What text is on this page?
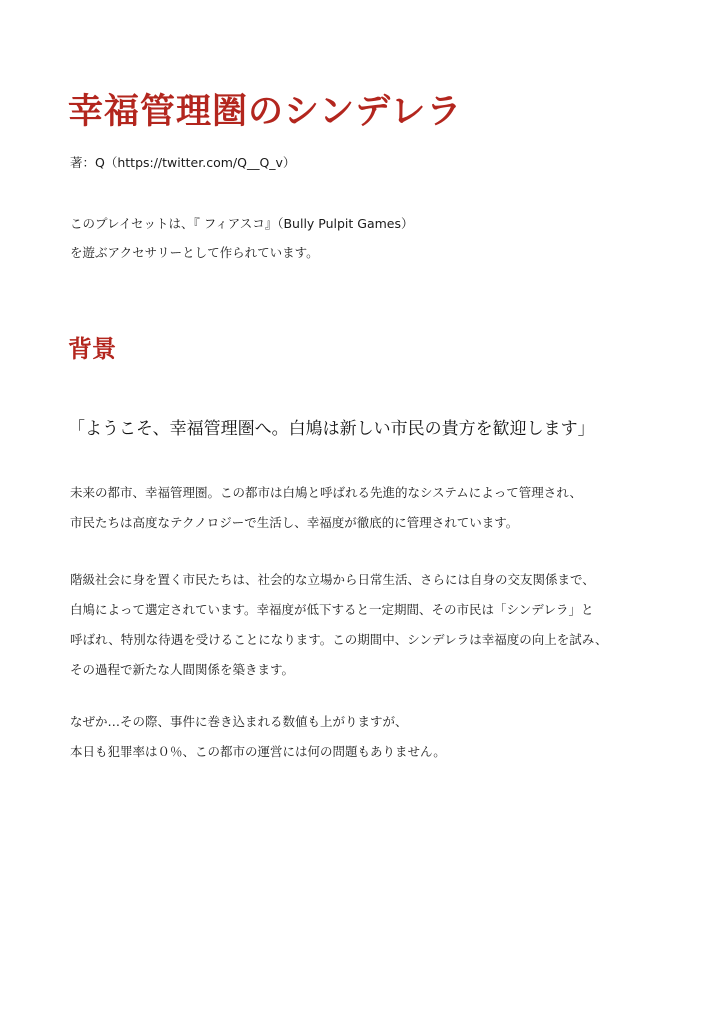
幸福管理圏のシンデレラ
著：Q（https://twitter.com/Q__Q_v）
このプレイセットは、『 フィアスコ』（Bully Pulpit Games）
を遊ぶアクセサリーとして作られています。
背景
「ようこそ、幸福管理圏へ。白鳩は新しい市民の貴方を歓迎します」
未来の都市、幸福管理圏。この都市は白鳩と呼ばれる先進的なシステムによって管理され、
市民たちは高度なテクノロジーで生活し、幸福度が徹底的に管理されています。
階級社会に身を置く市民たちは、社会的な立場から日常生活、さらには自身の交友関係まで、
白鳩によって選定されています。幸福度が低下すると一定期間、その市民は「シンデレラ」と
呼ばれ、特別な待遇を受けることになります。この期間中、シンデレラは幸福度の向上を試み、
その過程で新たな人間関係を築きます。
なぜか…その際、事件に巻き込まれる数値も上がりますが、
本日も犯罪率は０％、この都市の運営には何の問題もありません。
